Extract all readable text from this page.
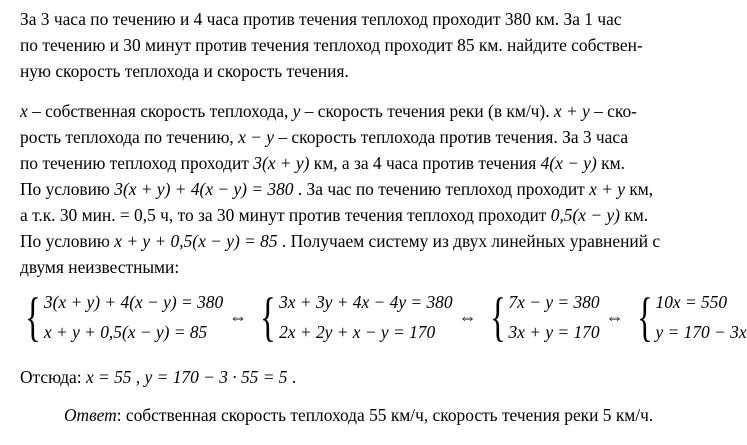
За 3 часа по течению и 4 часа против течения теплоход проходит 380 км. За 1 час
по течению и 30 минут против течения теплоход проходит 85 км. найдите собствен-
ную скорость теплохода и скорость течения.
x – собственная скорость теплохода, y – скорость течения реки (в км/ч). x + y – ско-
рость теплохода по течению, x − y – скорость теплохода против течения. За 3 часа
по течению теплоход проходит 3(x + y) км, а за 4 часа против течения 4(x − y) км.
По условию 3(x + y) + 4(x − y) = 380 . За час по течению теплоход проходит x + y км,
а т.к. 30 мин. = 0,5 ч, то за 30 минут против течения теплоход проходит 0,5(x − y) км.
По условию x + y + 0,5(x − y) = 85 . Получаем систему из двух линейных уравнений с
двумя неизвестными:
{ 3(x + y) + 4(x − y) = 380
x + y + 0,5(x − y) = 85
⇔ { 3x + 3y + 4x − 4y = 380
2x + 2y + x − y = 170
⇔ { 7x − y = 380
3x + y = 170
⇔ { 10x = 550
y = 170 − 3x
Отсюда: x = 55 , y = 170 − 3 · 55 = 5 .
Ответ: собственная скорость теплохода 55 км/ч, скорость течения реки 5 км/ч.
